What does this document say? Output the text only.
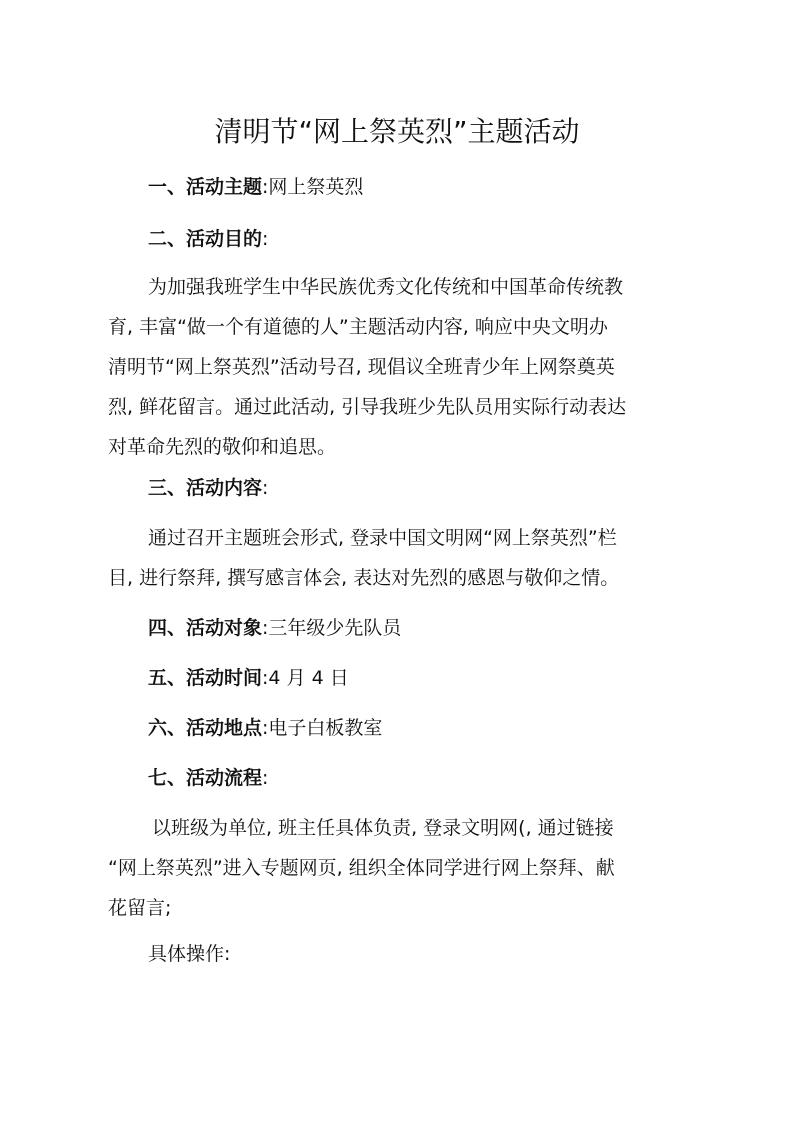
清明节“网上祭英烈”主题活动
一、活动主题:网上祭英烈
二、活动目的:
为加强我班学生中华民族优秀文化传统和中国革命传统教
育, 丰富“做一个有道德的人”主题活动内容, 响应中央文明办
清明节“网上祭英烈”活动号召, 现倡议全班青少年上网祭奠英
烈, 鲜花留言。通过此活动, 引导我班少先队员用实际行动表达
对革命先烈的敬仰和追思。
三、活动内容:
通过召开主题班会形式, 登录中国文明网“网上祭英烈”栏
目, 进行祭拜, 撰写感言体会, 表达对先烈的感恩与敬仰之情。
四、活动对象:三年级少先队员
五、活动时间:4 月 4 日
六、活动地点:电子白板教室
七、活动流程:
以班级为单位, 班主任具体负责, 登录文明网(, 通过链接
“网上祭英烈”进入专题网页, 组织全体同学进行网上祭拜、献
花留言;
具体操作:
